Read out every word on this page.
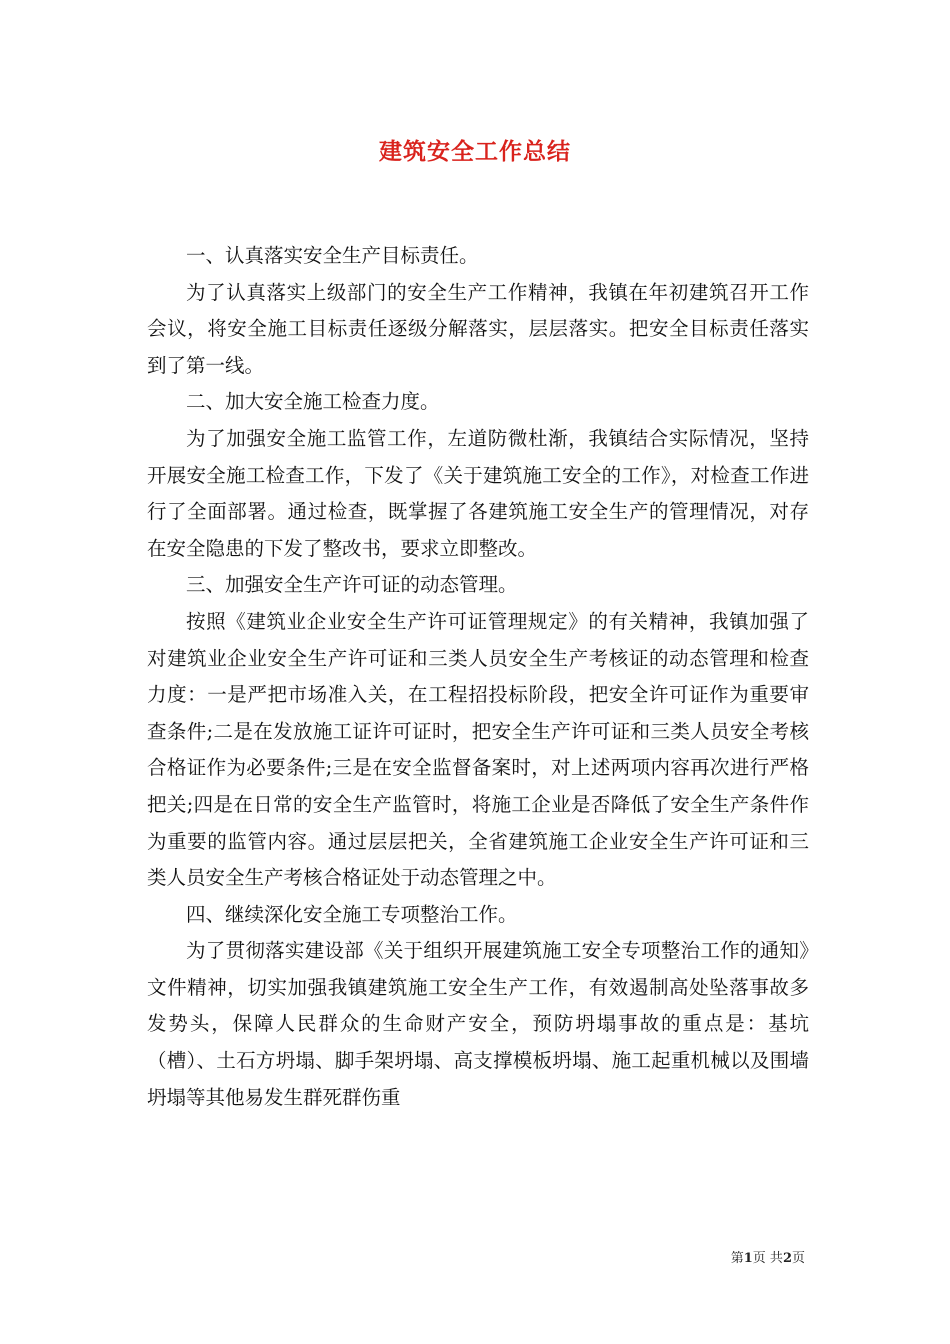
建筑安全工作总结

一、认真落实安全生产目标责任。

为了认真落实上级部门的安全生产工作精神，我镇在年初建筑召开工作会议，将安全施工目标责任逐级分解落实，层层落实。把安全目标责任落实到了第一线。

二、加大安全施工检查力度。

为了加强安全施工监管工作，左道防微杜渐，我镇结合实际情况，坚持开展安全施工检查工作，下发了《关于建筑施工安全的工作》，对检查工作进行了全面部署。通过检查，既掌握了各建筑施工安全生产的管理情况，对存在安全隐患的下发了整改书，要求立即整改。

三、加强安全生产许可证的动态管理。

按照《建筑业企业安全生产许可证管理规定》的有关精神，我镇加强了对建筑业企业安全生产许可证和三类人员安全生产考核证的动态管理和检查力度：一是严把市场准入关，在工程招投标阶段，把安全许可证作为重要审查条件;二是在发放施工证许可证时，把安全生产许可证和三类人员安全考核合格证作为必要条件;三是在安全监督备案时，对上述两项内容再次进行严格把关;四是在日常的安全生产监管时，将施工企业是否降低了安全生产条件作为重要的监管内容。通过层层把关，全省建筑施工企业安全生产许可证和三类人员安全生产考核合格证处于动态管理之中。

四、继续深化安全施工专项整治工作。

为了贯彻落实建设部《关于组织开展建筑施工安全专项整治工作的通知》文件精神，切实加强我镇建筑施工安全生产工作，有效遏制高处坠落事故多发势头，保障人民群众的生命财产安全，预防坍塌事故的重点是：基坑（槽）、土石方坍塌、脚手架坍塌、高支撑模板坍塌、施工起重机械以及围墙坍塌等其他易发生群死群伤重

第1页 共2页
